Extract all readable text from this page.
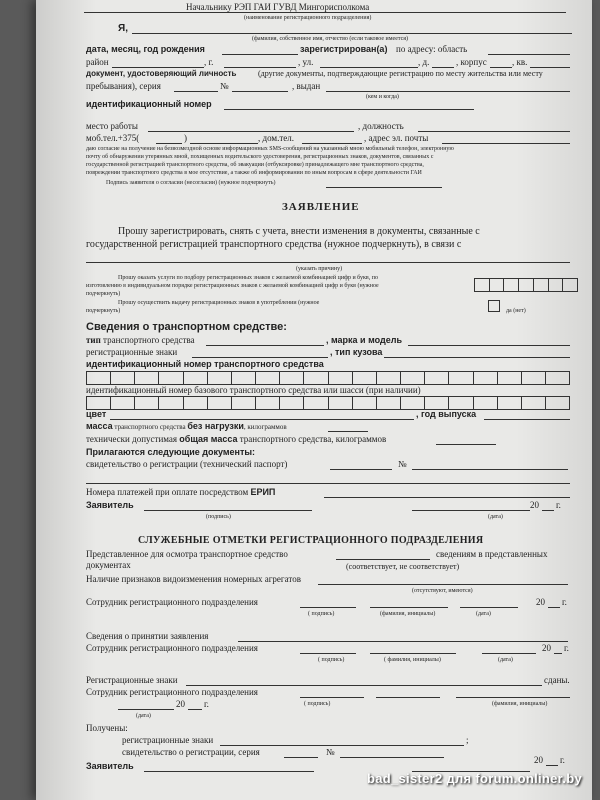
Начальнику РЭП ГАИ ГУВД Мингорисполкома
(наименование регистрационного подразделения)
Я,
(фамилия, собственное имя, отчество (если таковое имеется)
дата, месяц, год рождения	зарегистрирован(а) по адресу: область
район	, г.	, ул.	, д.	, корпус	, кв.
документ, удостоверяющий личность	(другие документы, подтверждающие регистрацию по месту жительства или месту
пребывания), серия	№	, выдан
(кем и когда)
идентификационный номер
место работы	, должность
моб.тел.+375(	)	, дом.тел.	, адрес эл. почты
даю согласие на получение на безвозмездной основе информационных SMS-сообщений на указанный мною мобильный телефон, электронную
почту об обнаружении утерянных мной, похищенных водительского удостоверения, регистрационных знаков, документов, связанных с
государственной регистрацией транспортного средства, об эвакуации (отбуксировке) принадлежащего мне транспортного средства,
повреждении транспортного средства в мое отсутствие, а также об информировании по иным вопросам в сфере деятельности ГАИ
Подпись заявителя о согласии (несогласии) (нужное подчеркнуть)
ЗАЯВЛЕНИЕ
Прошу зарегистрировать, снять с учета, внести изменения в документы, связанные с
государственной регистрацией транспортного средства (нужное подчеркнуть), в связи с
(указать причину)
Прошу оказать услуги по подбору регистрационных знаков с желаемой комбинацией цифр и букв, по
изготовлению в индивидуальном порядке регистрационных знаков с желаемой комбинацией цифр и букв (нужное
подчеркнуть)
Прошу осуществить выдачу регистрационных знаков в употреблении (нужное
подчеркнуть)	да (нет)
Сведения о транспортном средстве:
тип транспортного средства	, марка и модель
регистрационные знаки	, тип кузова
идентификационный номер транспортного средства
идентификационный номер базового транспортного средства или шасси (при наличии)
цвет	, год выпуска
масса транспортного средства без нагрузки, килограммов
технически допустимая общая масса транспортного средства, килограммов
Прилагаются следующие документы:
свидетельство о регистрации (технический паспорт)	№
Номера платежей при оплате посредством ЕРИП
Заявитель	20 г.
(подпись)	(дата)
СЛУЖЕБНЫЕ ОТМЕТКИ РЕГИСТРАЦИОННОГО ПОДРАЗДЕЛЕНИЯ
Представленное для осмотра транспортное средство	сведениям в представленных
документах	(соответствует, не соответствует)
Наличие признаков видоизменения номерных агрегатов
(отсутствуют, имеются)
Сотрудник регистрационного подразделения	20 г.
( подпись)	(фамилия, инициалы)	(дата)
Сведения о принятии заявления
Сотрудник регистрационного подразделения	20 г.
( подпись)	( фамилия, инициалы)	(дата)
Регистрационные знаки	сданы.
Сотрудник регистрационного подразделения
20 г.	( подпись)	(фамилия, инициалы)
(дата)
Получены:
регистрационные знаки	;
свидетельство о регистрации, серия	№
Заявитель
20 г.
bad_sister2 для forum.onliner.by
